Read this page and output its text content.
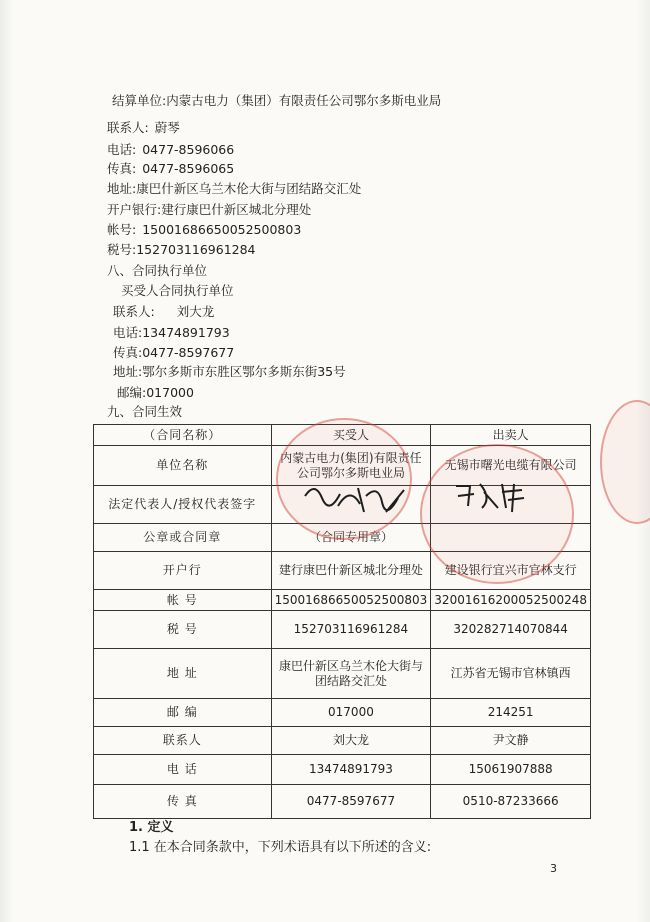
结算单位:内蒙古电力（集团）有限责任公司鄂尔多斯电业局
联系人: 蔚琴
电话: 0477-8596066
传真: 0477-8596065
地址:康巴什新区乌兰木伦大街与团结路交汇处
开户银行:建行康巴什新区城北分理处
帐号: 15001686650052500803
税号:152703116961284
八、合同执行单位
买受人合同执行单位
联系人: 刘大龙
电话:13474891793
传真:0477-8597677
地址:鄂尔多斯市东胜区鄂尔多斯东街35号
邮编:017000
九、合同生效
（合同名称）	买受人	出卖人
单位名称	内蒙古电力(集团)有限责任公司鄂尔多斯电业局	无锡市曙光电缆有限公司
法定代表人/授权代表签字		
公章或合同章	（合同专用章）	
开户行	建行康巴什新区城北分理处	建设银行宜兴市官林支行
帐 号	15001686650052500803	32001616200052500248
税 号	152703116961284	320282714070844
地 址	康巴什新区乌兰木伦大街与团结路交汇处	江苏省无锡市官林镇西
邮 编	017000	214251
联系人	刘大龙	尹文静
电 话	13474891793	15061907888
传 真	0477-8597677	0510-87233666
1. 定义
1.1 在本合同条款中，下列术语具有以下所述的含义:
3
